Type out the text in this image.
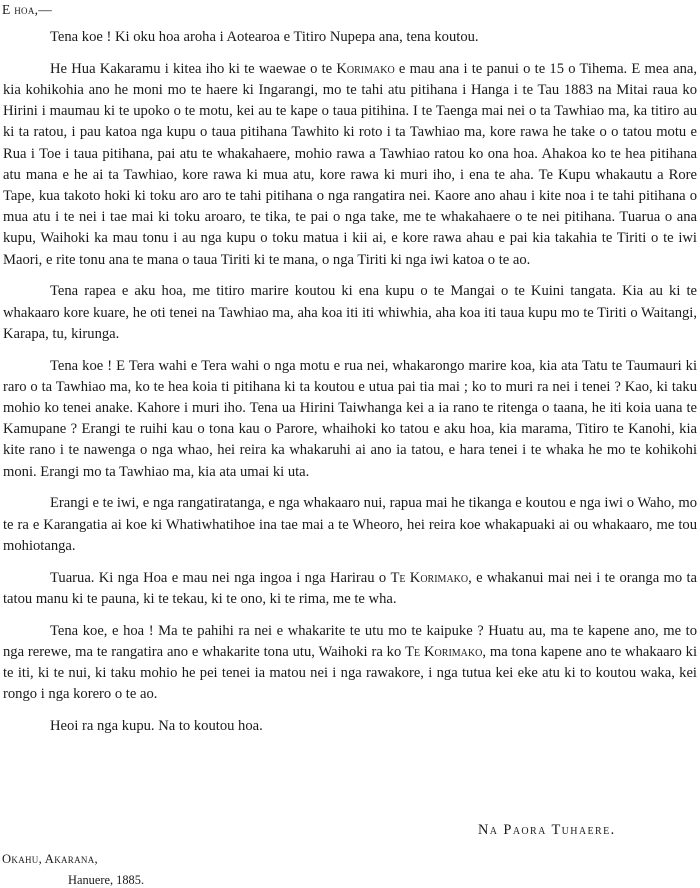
E hoa,—

Tena koe ! Ki oku hoa aroha i Aotearoa e Titiro Nupepa ana, tena koutou.

He Hua Kakaramu i kitea iho ki te waewae o te Korimako e mau ana i te panui o te 15 o Tihema. E mea ana, kia kohikohia ano he moni mo te haere ki Ingarangi, mo te tahi atu pitihana i Hanga i te Tau 1883 na Mitai raua ko Hirini i maumau ki te upoko o te motu, kei au te kape o taua pitihina. I te Taenga mai nei o ta Tawhiao ma, ka titiro au ki ta ratou, i pau katoa nga kupu o taua pitihana Tawhito ki roto i ta Tawhiao ma, kore rawa he take o o tatou motu e Rua i Toe i taua pitihana, pai atu te whakahaere, mohio rawa a Tawhiao ratou ko ona hoa. Ahakoa ko te hea pitihana atu mana e he ai ta Tawhiao, kore rawa ki mua atu, kore rawa ki muri iho, i ena te aha. Te Kupu whakautu a Rore Tape, kua takoto hoki ki toku aro aro te tahi pitihana o nga rangatira nei. Kaore ano ahau i kite noa i te tahi pitihana o mua atu i te nei i tae mai ki toku aroaro, te tika, te pai o nga take, me te whakahaere o te nei pitihana. Tuarua o ana kupu, Waihoki ka mau tonu i au nga kupu o toku matua i kii ai, e kore rawa ahau e pai kia takahia te Tiriti o te iwi Maori, e rite tonu ana te mana o taua Tiriti ki te mana, o nga Tiriti ki nga iwi katoa o te ao.

Tena rapea e aku hoa, me titiro marire koutou ki ena kupu o te Mangai o te Kuini tangata. Kia au ki te whakaaro kore kuare, he oti tenei na Tawhiao ma, aha koa iti iti whiwhia, aha koa iti taua kupu mo te Tiriti o Waitangi, Karapa, tu, kirunga.

Tena koe ! E Tera wahi e Tera wahi o nga motu e rua nei, whakarongo marire koa, kia ata Tatu te Taumauri ki raro o ta Tawhiao ma, ko te hea koia ti pitihana ki ta koutou e utua pai tia mai ; ko to muri ra nei i tenei ? Kao, ki taku mohio ko tenei anake. Kahore i muri iho. Tena ua Hirini Taiwhanga kei a ia rano te ritenga o taana, he iti koia uana te Kamupane ? Erangi te ruihi kau o tona kau o Parore, whaihoki ko tatou e aku hoa, kia marama, Titiro te Kanohi, kia kite rano i te nawenga o nga whao, hei reira ka whakaruhi ai ano ia tatou, e hara tenei i te whaka he mo te kohikohi moni. Erangi mo ta Tawhiao ma, kia ata umai ki uta.

Erangi e te iwi, e nga rangatiratanga, e nga whakaaro nui, rapua mai he tikanga e koutou e nga iwi o Waho, mo te ra e Karangatia ai koe ki Whatiwhatihoe ina tae mai a te Wheoro, hei reira koe whakapuaki ai ou whakaaro, me tou mohiotanga.

Tuarua. Ki nga Hoa e mau nei nga ingoa i nga Harirau o Te Korimako, e whakanui mai nei i te oranga mo ta tatou manu ki te pauna, ki te tekau, ki te ono, ki te rima, me te wha.

Tena koe, e hoa ! Ma te pahihi ra nei e whakarite te utu mo te kaipuke ? Huatu au, ma te kapene ano, me to nga rerewe, ma te rangatira ano e whakarite tona utu, Waihoki ra ko Te Korimako, ma tona kapene ano te whakaaro ki te iti, ki te nui, ki taku mohio he pei tenei ia matou nei i nga rawakore, i nga tutua kei eke atu ki to koutou waka, kei rongo i nga korero o te ao.

Heoi ra nga kupu. Na to koutou hoa.

Na Paora Tuhaere.
Okahu, Akarana,
Hanuere, 1885.
